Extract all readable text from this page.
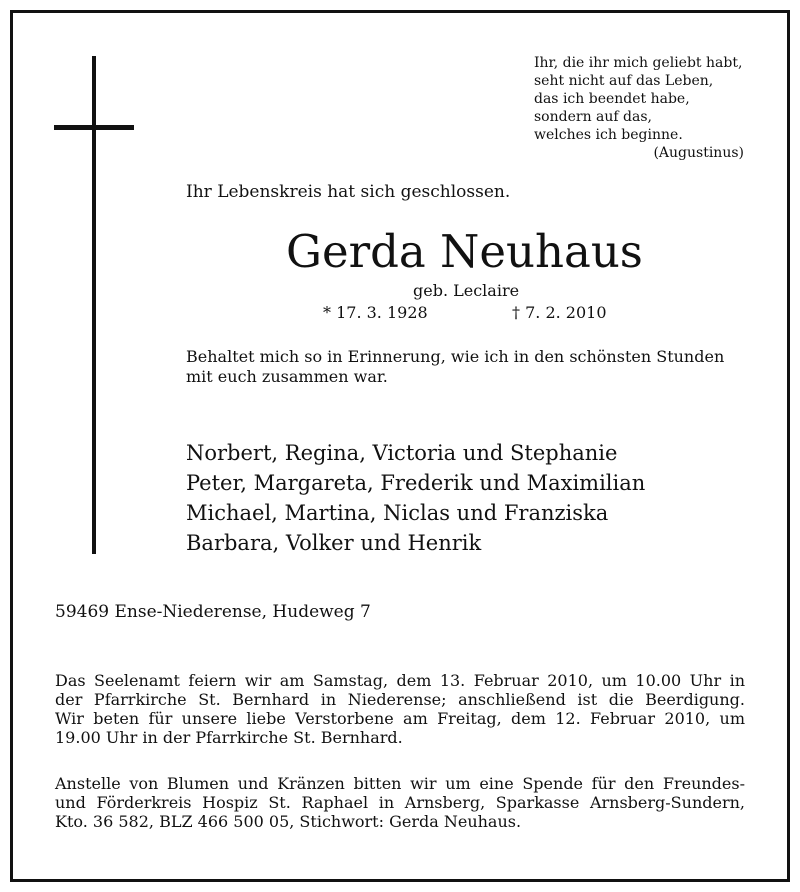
Ihr, die ihr mich geliebt habt,
seht nicht auf das Leben,
das ich beendet habe,
sondern auf das,
welches ich beginne.
(Augustinus)
Ihr Lebenskreis hat sich geschlossen.
Gerda Neuhaus
geb. Leclaire
* 17. 3. 1928	† 7. 2. 2010
Behaltet mich so in Erinnerung, wie ich in den schönsten Stunden
mit euch zusammen war.
Norbert, Regina, Victoria und Stephanie
Peter, Margareta, Frederik und Maximilian
Michael, Martina, Niclas und Franziska
Barbara, Volker und Henrik
59469 Ense-Niederense, Hudeweg 7
Das Seelenamt feiern wir am Samstag, dem 13. Februar 2010, um 10.00 Uhr in
der Pfarrkirche St. Bernhard in Niederense; anschließend ist die Beerdigung.
Wir beten für unsere liebe Verstorbene am Freitag, dem 12. Februar 2010, um
19.00 Uhr in der Pfarrkirche St. Bernhard.
Anstelle von Blumen und Kränzen bitten wir um eine Spende für den Freundes-
und Förderkreis Hospiz St. Raphael in Arnsberg, Sparkasse Arnsberg-Sundern,
Kto. 36 582, BLZ 466 500 05, Stichwort: Gerda Neuhaus.
